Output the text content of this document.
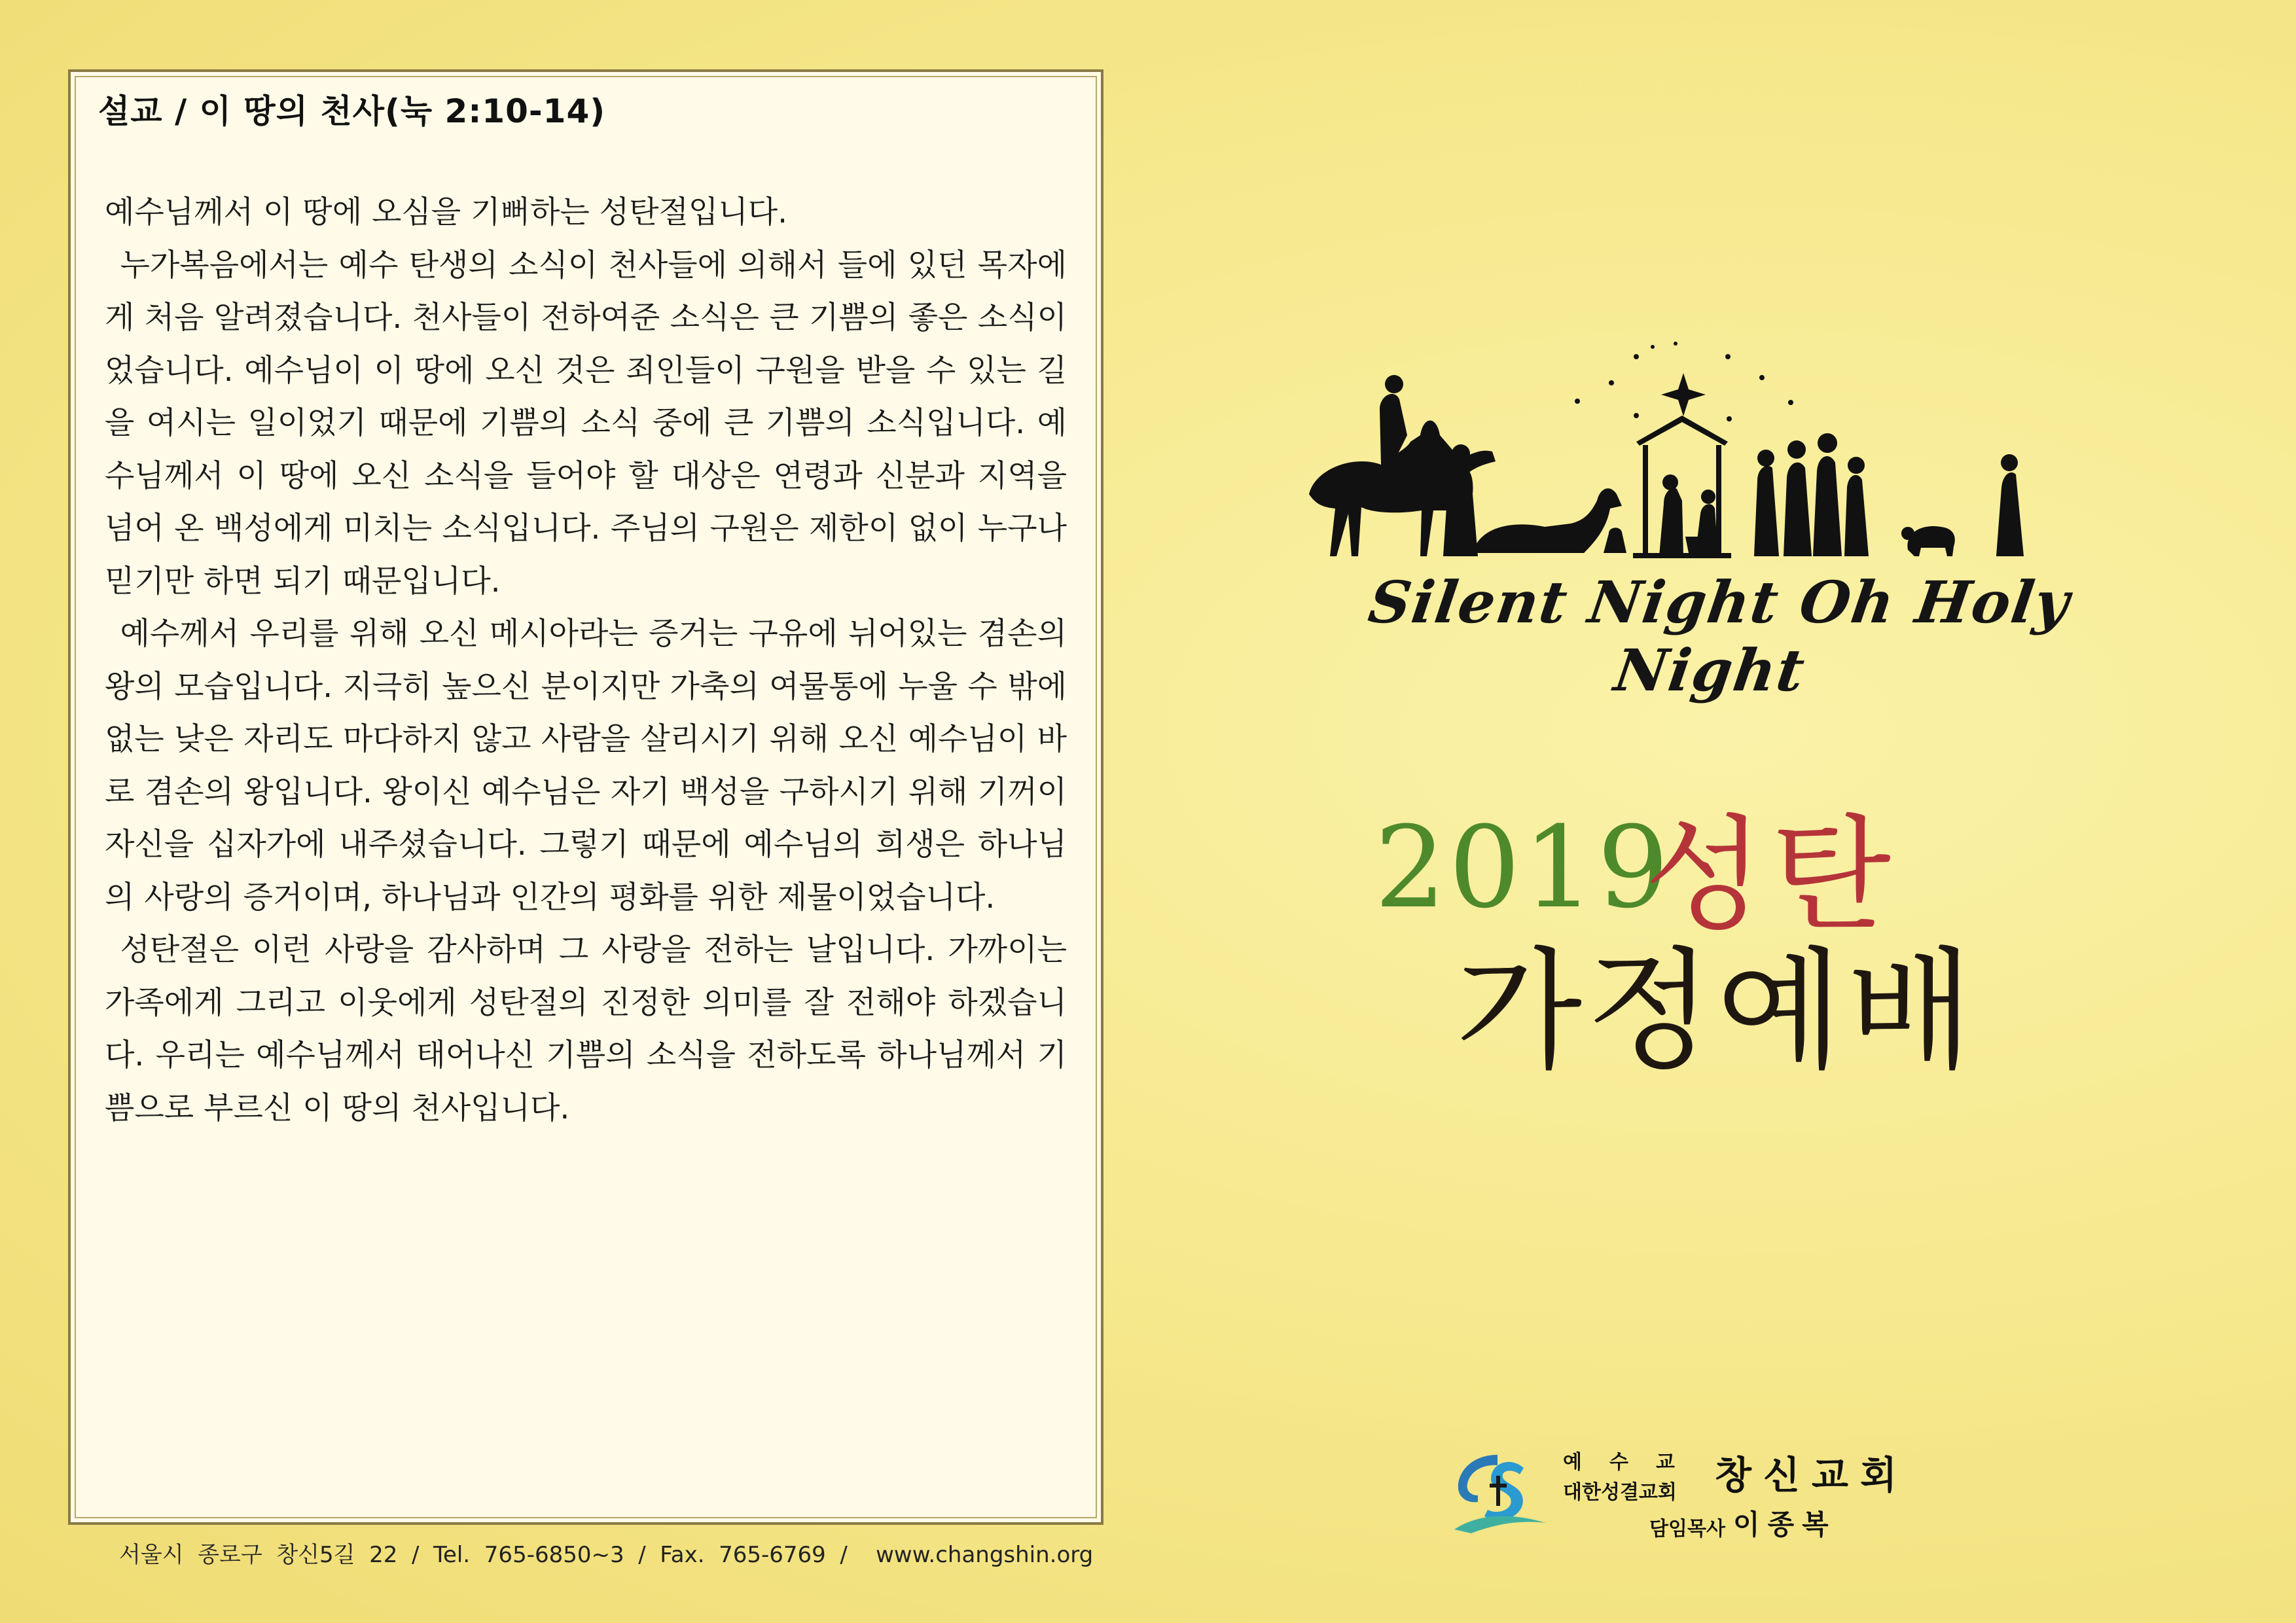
설교 / 이 땅의 천사(눅 2:10-14)

예수님께서 이 땅에 오심을 기뻐하는 성탄절입니다.

누가복음에서는 예수 탄생의 소식이 천사들에 의해서 들에 있던 목자에게 처음 알려졌습니다. 천사들이 전하여준 소식은 큰 기쁨의 좋은 소식이었습니다. 예수님이 이 땅에 오신 것은 죄인들이 구원을 받을 수 있는 길을 여시는 일이었기 때문에 기쁨의 소식 중에 큰 기쁨의 소식입니다. 예수님께서 이 땅에 오신 소식을 들어야 할 대상은 연령과 신분과 지역을 넘어 온 백성에게 미치는 소식입니다. 주님의 구원은 제한이 없이 누구나 믿기만 하면 되기 때문입니다.

예수께서 우리를 위해 오신 메시아라는 증거는 구유에 뉘어있는 겸손의 왕의 모습입니다. 지극히 높으신 분이지만 가축의 여물통에 누울 수 밖에 없는 낮은 자리도 마다하지 않고 사람을 살리시기 위해 오신 예수님이 바로 겸손의 왕입니다. 왕이신 예수님은 자기 백성을 구하시기 위해 기꺼이 자신을 십자가에 내주셨습니다. 그렇기 때문에 예수님의 희생은 하나님의 사랑의 증거이며, 하나님과 인간의 평화를 위한 제물이었습니다.

성탄절은 이런 사랑을 감사하며 그 사랑을 전하는 날입니다. 가까이는 가족에게 그리고 이웃에게 성탄절의 진정한 의미를 잘 전해야 하겠습니다. 우리는 예수님께서 태어나신 기쁨의 소식을 전하도록 하나님께서 기쁨으로 부르신 이 땅의 천사입니다.

서울시  종로구  창신5길  22  /  Tel.  765-6850~3  /  Fax.  765-6769  /    www.changshin.org
Silent Night Oh Holy Night
2019
성탄
가정예배
예수교
대한성결교회 창신교회
담임목사 이종복
